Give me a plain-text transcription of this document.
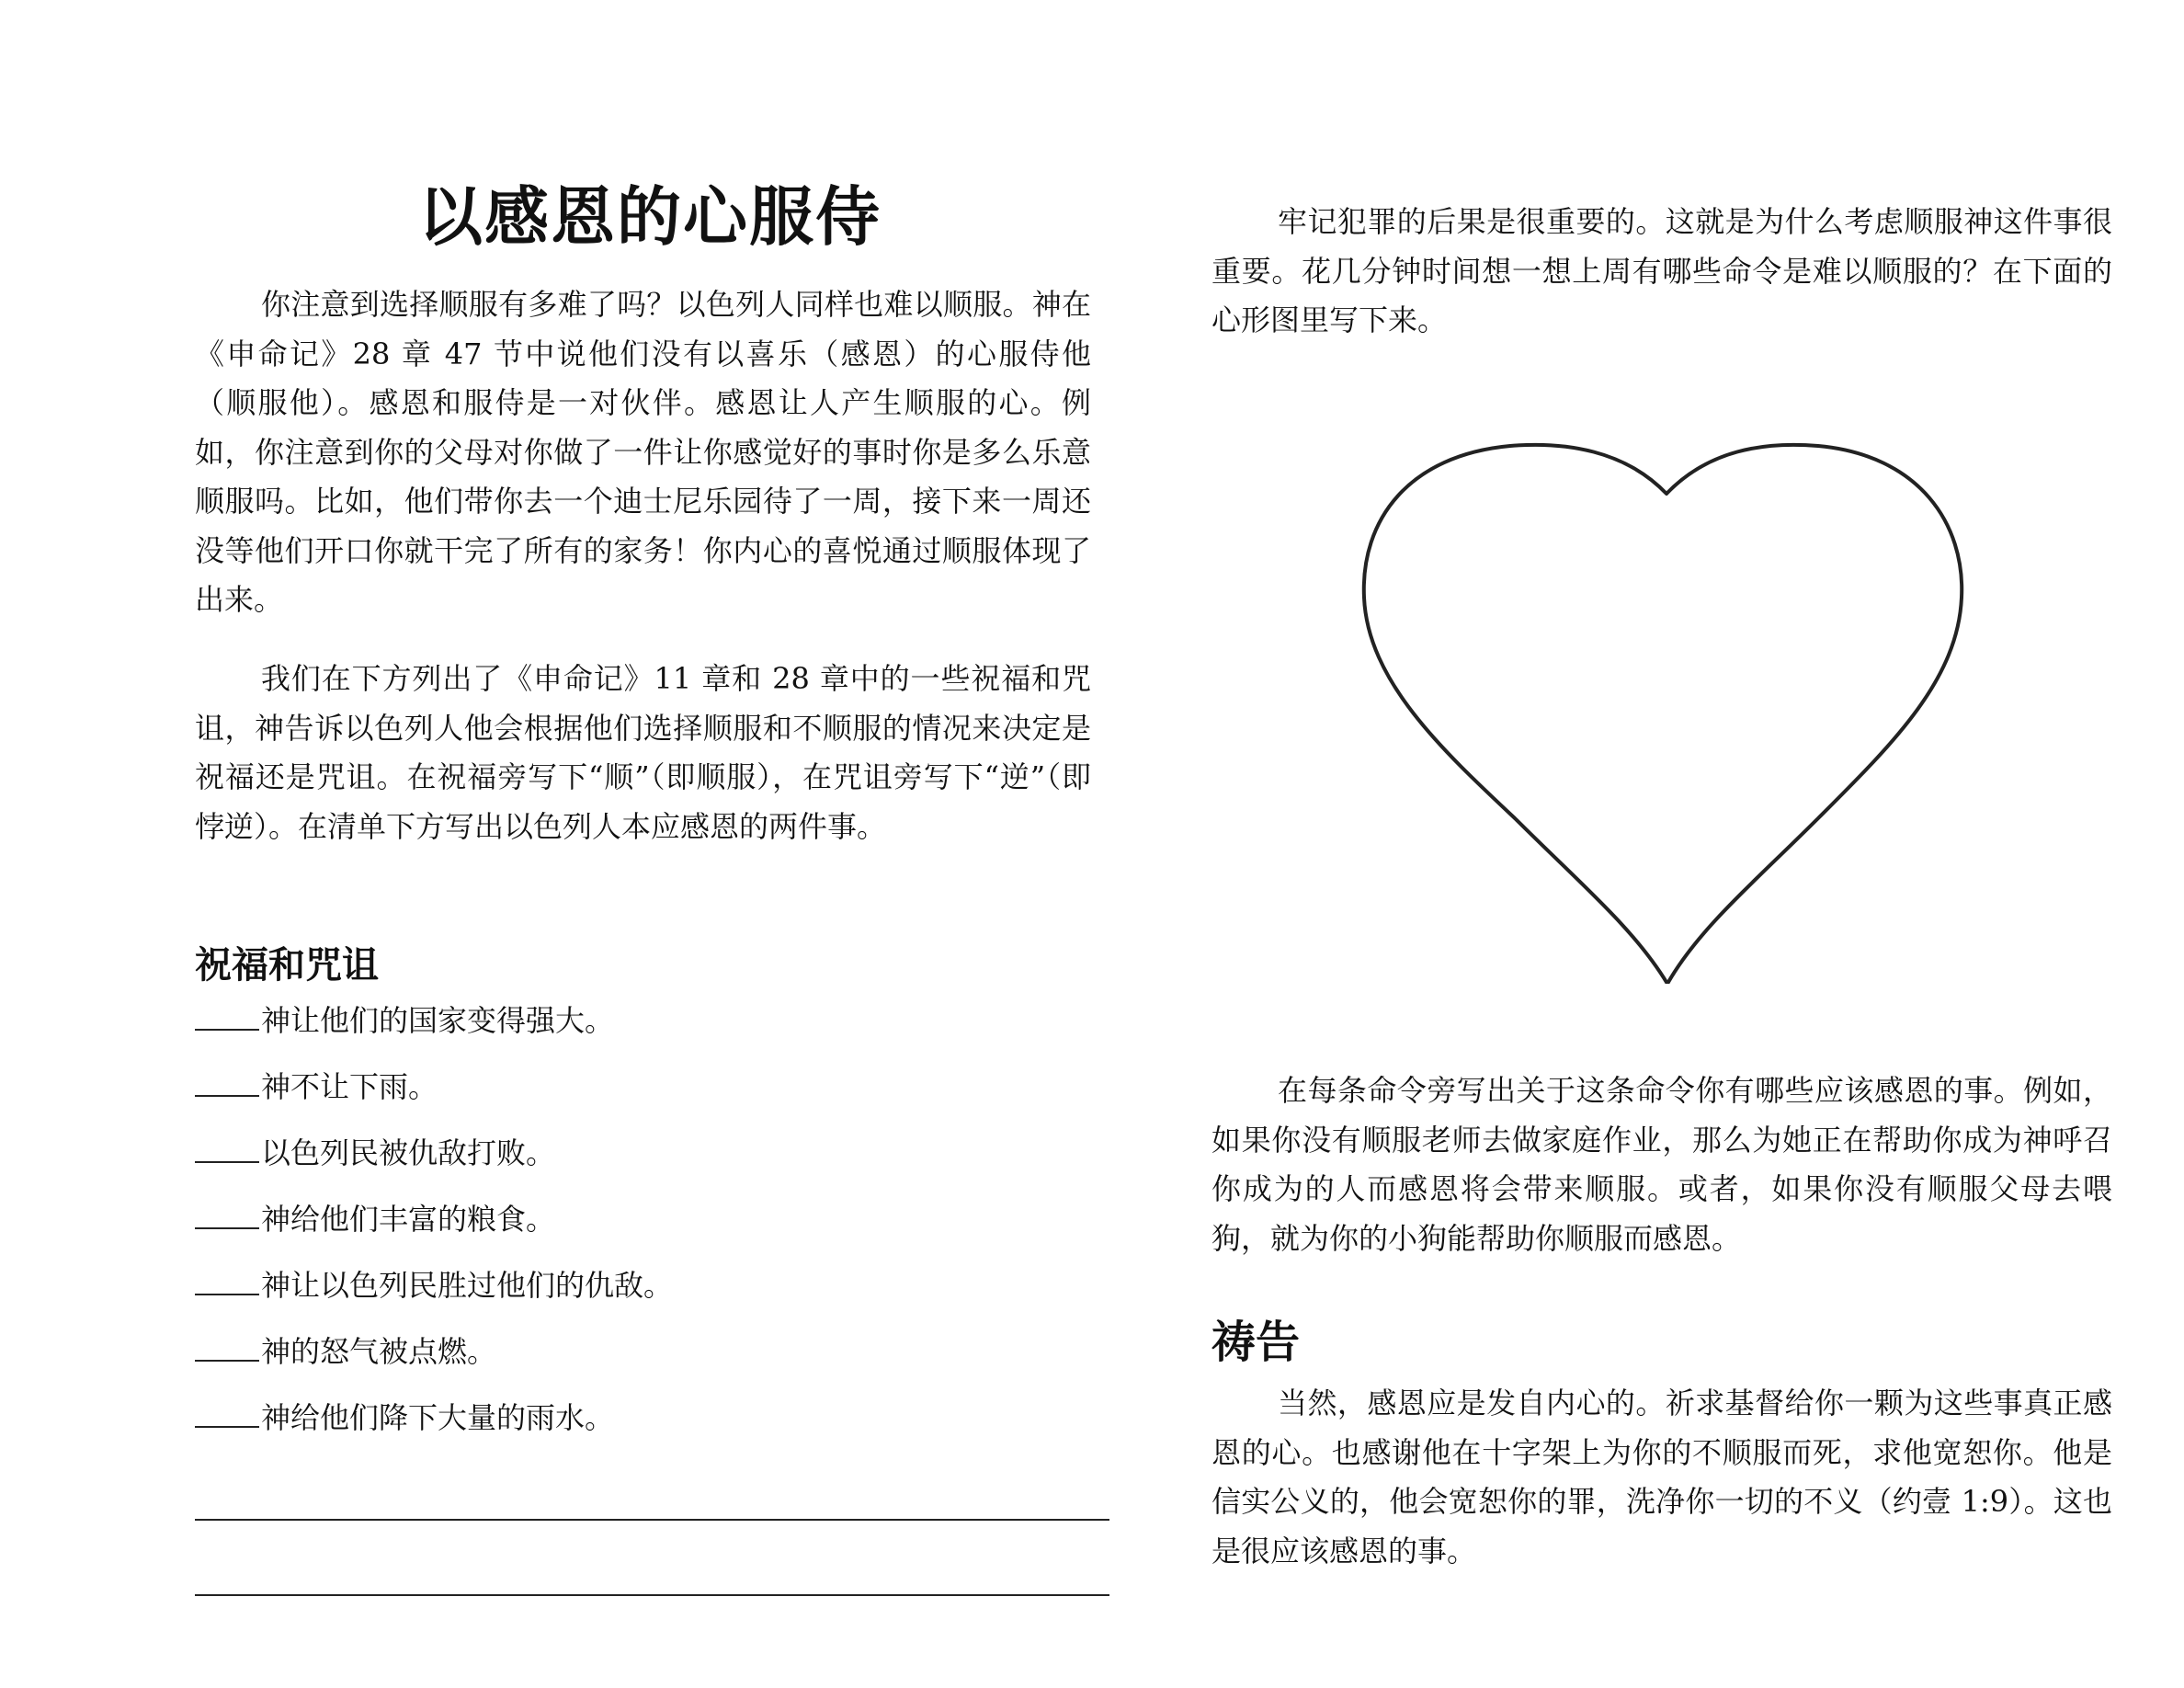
以感恩的心服侍

你注意到选择顺服有多难了吗？以色列人同样也难以顺服。神在《申命记》28 章 47 节中说他们没有以喜乐（感恩）的心服侍他（顺服他）。感恩和服侍是一对伙伴。感恩让人产生顺服的心。例如，你注意到你的父母对你做了一件让你感觉好的事时你是多么乐意顺服吗。比如，他们带你去一个迪士尼乐园待了一周，接下来一周还没等他们开口你就干完了所有的家务！你内心的喜悦通过顺服体现了出来。

我们在下方列出了《申命记》11 章和 28 章中的一些祝福和咒诅，神告诉以色列人他会根据他们选择顺服和不顺服的情况来决定是祝福还是咒诅。在祝福旁写下“顺”（即顺服），在咒诅旁写下“逆”（即悖逆）。在清单下方写出以色列人本应感恩的两件事。

祝福和咒诅
神让他们的国家变得强大。
神不让下雨。
以色列民被仇敌打败。
神给他们丰富的粮食。
神让以色列民胜过他们的仇敌。
神的怒气被点燃。
神给他们降下大量的雨水。

牢记犯罪的后果是很重要的。这就是为什么考虑顺服神这件事很重要。花几分钟时间想一想上周有哪些命令是难以顺服的？在下面的心形图里写下来。

在每条命令旁写出关于这条命令你有哪些应该感恩的事。例如，如果你没有顺服老师去做家庭作业，那么为她正在帮助你成为神呼召你成为的人而感恩将会带来顺服。或者，如果你没有顺服父母去喂狗，就为你的小狗能帮助你顺服而感恩。

祷告

当然，感恩应是发自内心的。祈求基督给你一颗为这些事真正感恩的心。也感谢他在十字架上为你的不顺服而死，求他宽恕你。他是信实公义的，他会宽恕你的罪，洗净你一切的不义（约壹 1:9）。这也是很应该感恩的事。
